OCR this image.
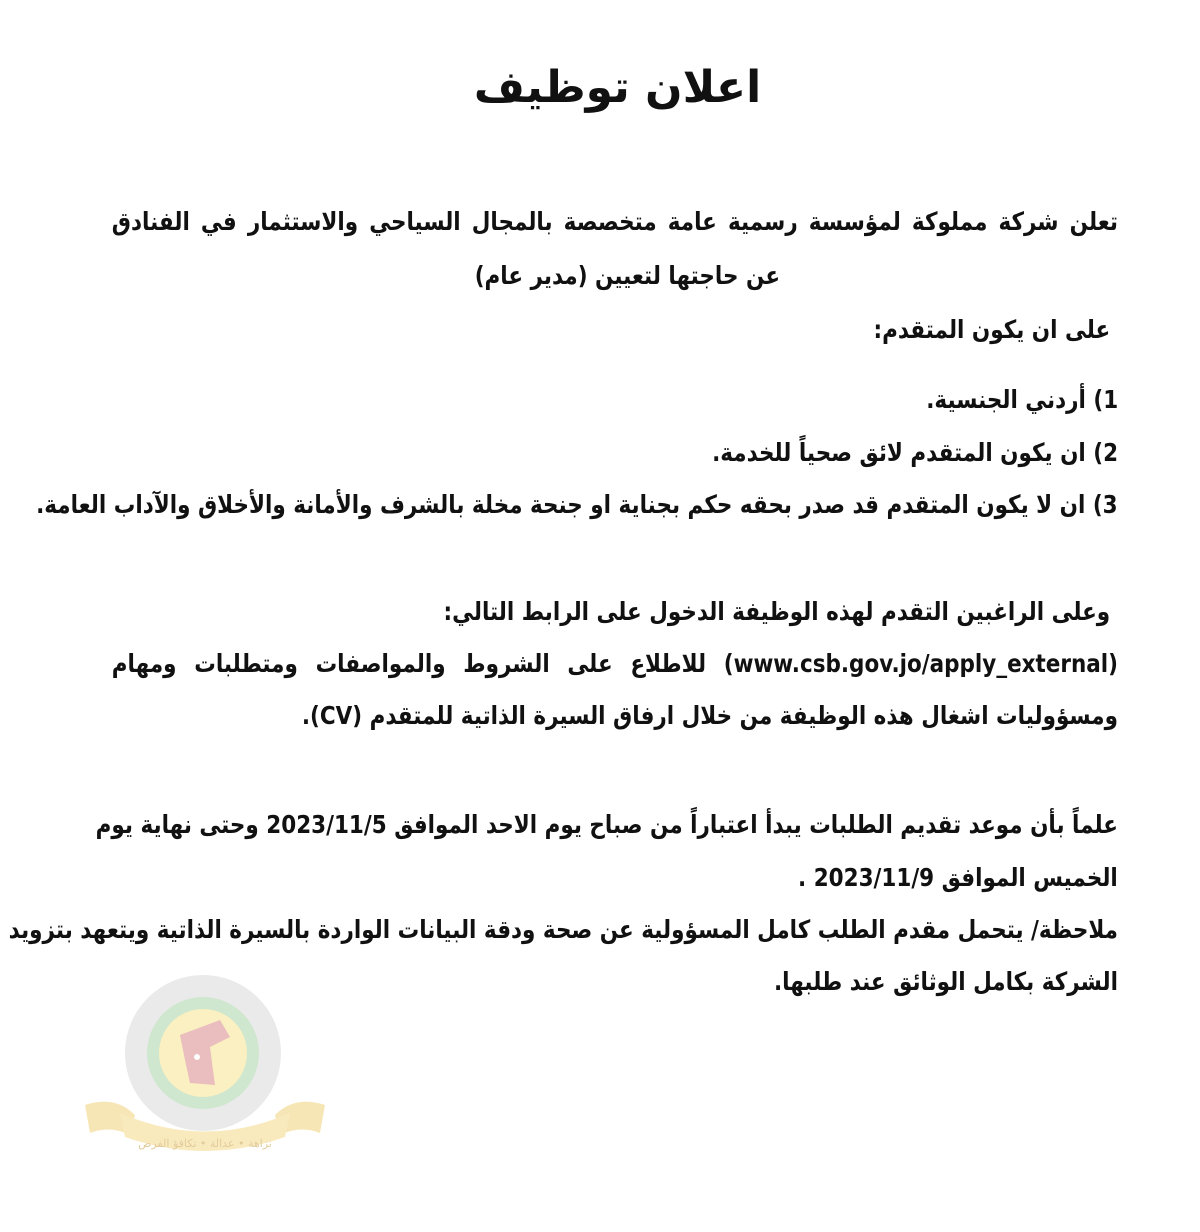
اعلان توظيف
تعلن شركة مملوكة لمؤسسة رسمية عامة متخصصة بالمجال السياحي والاستثمار في الفنادق
عن حاجتها لتعيين (مدير عام)
على ان يكون المتقدم:
1) أردني الجنسية.
2) ان يكون المتقدم لائق صحياً للخدمة.
3) ان لا يكون المتقدم قد صدر بحقه حكم بجناية او جنحة مخلة بالشرف والأمانة والأخلاق والآداب العامة.
وعلى الراغبين التقدم لهذه الوظيفة الدخول على الرابط التالي:
(www.csb.gov.jo/apply_external) للاطلاع على الشروط والمواصفات ومتطلبات ومهام
ومسؤوليات اشغال هذه الوظيفة من خلال ارفاق السيرة الذاتية للمتقدم (CV).
علماً بأن موعد تقديم الطلبات يبدأ اعتباراً من صباح يوم الاحد الموافق 2023/11/5 وحتى نهاية يوم
الخميس الموافق 2023/11/9 .
ملاحظة/ يتحمل مقدم الطلب كامل المسؤولية عن صحة ودقة البيانات الواردة بالسيرة الذاتية ويتعهد بتزويد
الشركة بكامل الوثائق عند طلبها.
نزاهة • عدالة • تكافؤ الفرص
